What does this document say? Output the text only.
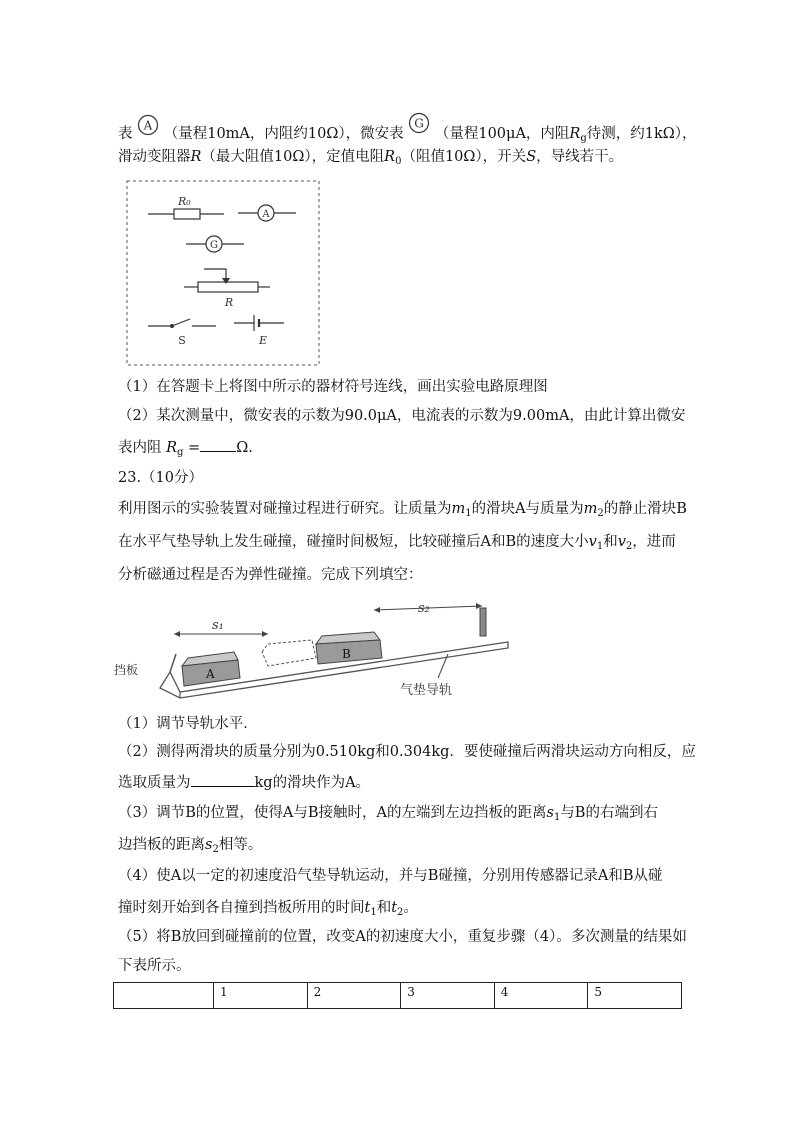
表
A
（量程10mA，内阻约10Ω），微安表
G
（量程100μA，内阻$R_g$待测，约1kΩ），
滑动变阻器R（最大阻值10Ω），定值电阻$R_0$（阻值10Ω），开关S，导线若干。
R₀
A
G
R
S	E
（1）在答题卡上将图中所示的器材符号连线，画出实验电路原理图
（2）某次测量中，微安表的示数为90.0μA，电流表的示数为9.00mA，由此计算出微安
表内阻 $R_g = \Omega$.
23.（10分）
利用图示的实验装置对碰撞过程进行研究。让质量为$m_1$的滑块A与质量为$m_2$的静止滑块B
在水平气垫导轨上发生碰撞，碰撞时间极短，比较碰撞后A和B的速度大小$v_1$和$v_2$，进而
分析磁通过程是否为弹性碰撞。完成下列填空：
A
B
s₁
s₂
挡板
气垫导轨
（1）调节导轨水平．
（2）测得两滑块的质量分别为0.510kg和0.304kg．要使碰撞后两滑块运动方向相反，应
选取质量为	kg的滑块作为A。
（3）调节B的位置，使得A与B接触时，A的左端到左边挡板的距离$s_1$与B的右端到右
边挡板的距离$s_2$相等。
（4）使A以一定的初速度沿气垫导轨运动，并与B碰撞，分别用传感器记录A和B从碰
撞时刻开始到各自撞到挡板所用的时间$t_1$和$t_2$。
（5）将B放回到碰撞前的位置，改变A的初速度大小，重复步骤（4）。多次测量的结果如
下表所示。
	1	2	3	4	5
